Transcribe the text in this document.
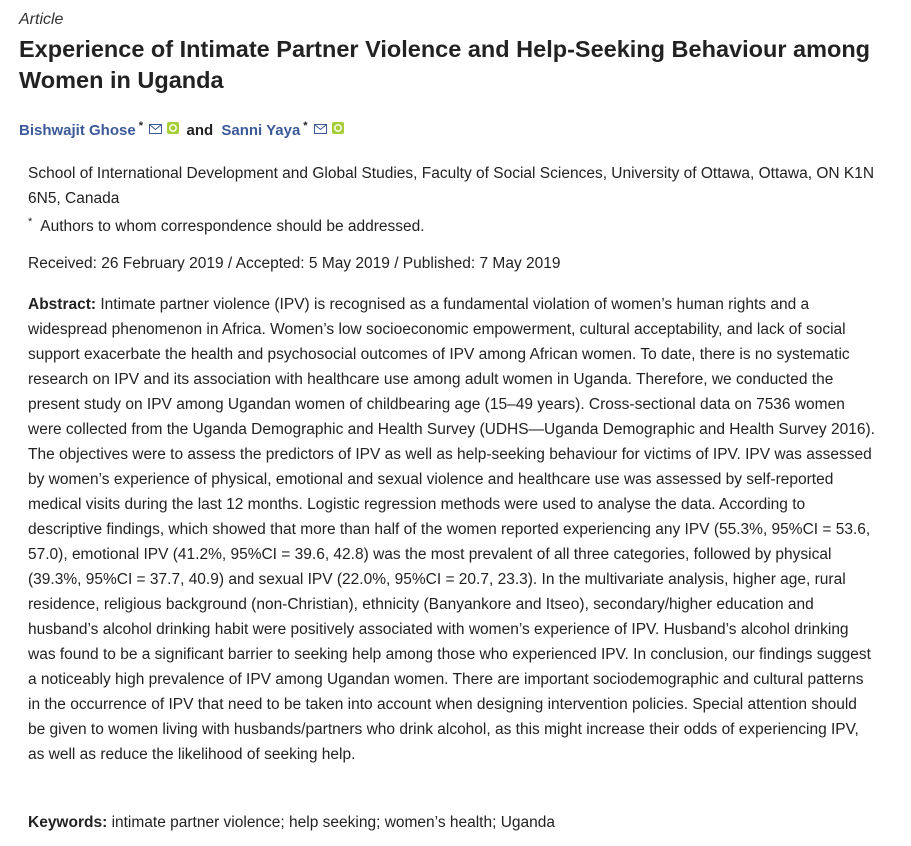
Article
Experience of Intimate Partner Violence and Help-Seeking Behaviour among Women in Uganda
Bishwajit Ghose *	and Sanni Yaya *
School of International Development and Global Studies, Faculty of Social Sciences, University of Ottawa, Ottawa, ON K1N 6N5, Canada
* Authors to whom correspondence should be addressed.
Received: 26 February 2019 / Accepted: 5 May 2019 / Published: 7 May 2019

Abstract: Intimate partner violence (IPV) is recognised as a fundamental violation of women’s human rights and a widespread phenomenon in Africa. Women’s low socioeconomic empowerment, cultural acceptability, and lack of social support exacerbate the health and psychosocial outcomes of IPV among African women. To date, there is no systematic research on IPV and its association with healthcare use among adult women in Uganda. Therefore, we conducted the present study on IPV among Ugandan women of childbearing age (15–49 years). Cross-sectional data on 7536 women were collected from the Uganda Demographic and Health Survey (UDHS—Uganda Demographic and Health Survey 2016). The objectives were to assess the predictors of IPV as well as help-seeking behaviour for victims of IPV. IPV was assessed by women’s experience of physical, emotional and sexual violence and healthcare use was assessed by self-reported medical visits during the last 12 months. Logistic regression methods were used to analyse the data. According to descriptive findings, which showed that more than half of the women reported experiencing any IPV (55.3%, 95%CI = 53.6, 57.0), emotional IPV (41.2%, 95%CI = 39.6, 42.8) was the most prevalent of all three categories, followed by physical (39.3%, 95%CI = 37.7, 40.9) and sexual IPV (22.0%, 95%CI = 20.7, 23.3). In the multivariate analysis, higher age, rural residence, religious background (non-Christian), ethnicity (Banyankore and Itseo), secondary/higher education and husband’s alcohol drinking habit were positively associated with women’s experience of IPV. Husband’s alcohol drinking was found to be a significant barrier to seeking help among those who experienced IPV. In conclusion, our findings suggest a noticeably high prevalence of IPV among Ugandan women. There are important sociodemographic and cultural patterns in the occurrence of IPV that need to be taken into account when designing intervention policies. Special attention should be given to women living with husbands/partners who drink alcohol, as this might increase their odds of experiencing IPV, as well as reduce the likelihood of seeking help.

Keywords: intimate partner violence; help seeking; women’s health; Uganda
